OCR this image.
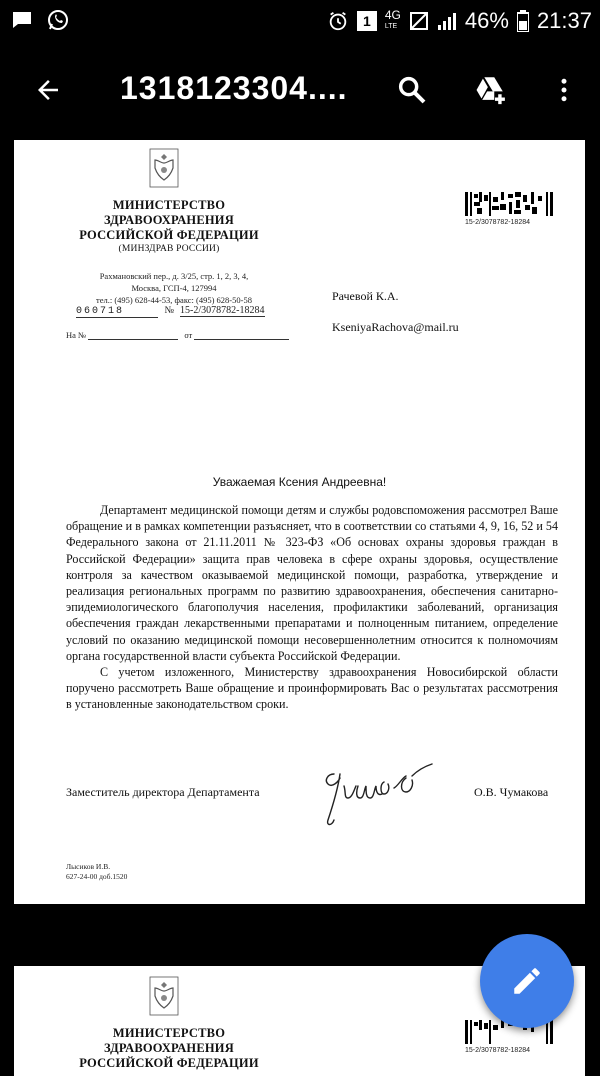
1	4G
LTE	46% 21:37
1318123304....
МИНИСТЕРСТВО
ЗДРАВООХРАНЕНИЯ
РОССИЙСКОЙ ФЕДЕРАЦИИ
(МИНЗДРАВ РОССИИ)
Рахмановский пер., д. 3/25, стр. 1, 2, 3, 4,
Москва, ГСП-4, 127994
тел.: (495) 628-44-53, факс: (495) 628-50-58
060718	№ 15-2/3078782-18284
На №	от
15-2/3078782-18284
Рачевой К.А.
KseniyaRachova@mail.ru
Уважаемая Ксения Андреевна!

Департамент медицинской помощи детям и службы родовспоможения рассмотрел Ваше обращение и в рамках компетенции разъясняет, что в соответствии со статьями 4, 9, 16, 52 и 54 Федерального закона от 21.11.2011 № 323-ФЗ «Об основах охраны здоровья граждан в Российской Федерации» защита прав человека в сфере охраны здоровья, осуществление контроля за качеством оказываемой медицинской помощи, разработка, утверждение и реализация региональных программ по развитию здравоохранения, обеспечения санитарно-эпидемиологического благополучия населения, профилактики заболеваний, организация обеспечения граждан лекарственными препаратами и полноценным питанием, определение условий по оказанию медицинской помощи несовершеннолетним относится к полномочиям органа государственной власти субъекта Российской Федерации.

С учетом изложенного, Министерству здравоохранения Новосибирской области поручено рассмотреть Ваше обращение и проинформировать Вас о результатах рассмотрения в установленные законодательством сроки.

Заместитель директора Департамента	О.В. Чумакова
Лысиков И.В.
627-24-00 доб.1520
МИНИСТЕРСТВО
ЗДРАВООХРАНЕНИЯ
РОССИЙСКОЙ ФЕДЕРАЦИИ
15-2/3078782-18284
